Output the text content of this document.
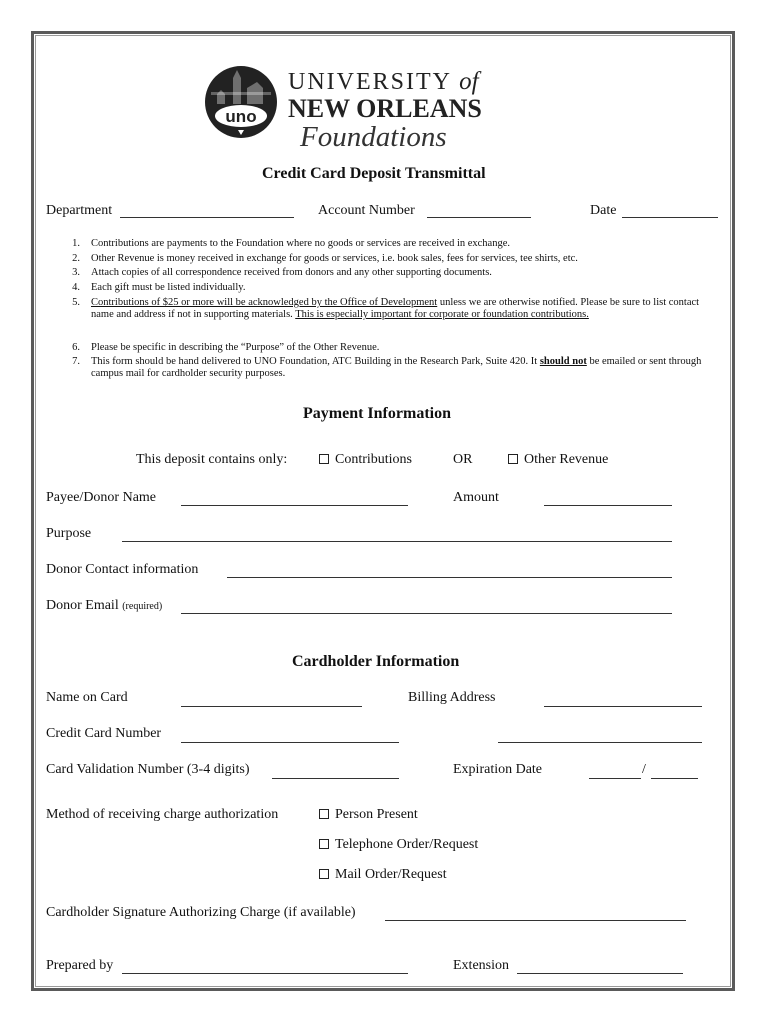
uno
UNIVERSITY of
NEW ORLEANS
Foundations
Credit Card Deposit Transmittal
Department	Account Number	Date
1. Contributions are payments to the Foundation where no goods or services are received in exchange.
2. Other Revenue is money received in exchange for goods or services, i.e. book sales, fees for services, tee shirts, etc.
3. Attach copies of all correspondence received from donors and any other supporting documents.
4. Each gift must be listed individually.
5. Contributions of $25 or more will be acknowledged by the Office of Development unless we are otherwise notified. Please be sure to list contact name and address if not in supporting materials. This is especially important for corporate or foundation contributions.
6. Please be specific in describing the “Purpose” of the Other Revenue.
7. This form should be hand delivered to UNO Foundation, ATC Building in the Research Park, Suite 420. It should not be emailed or sent through campus mail for cardholder security purposes.
Payment Information
This deposit contains only:	Contributions	OR	Other Revenue
Payee/Donor Name	Amount
Purpose
Donor Contact information
Donor Email (required)
Cardholder Information
Name on Card	Billing Address
Credit Card Number
Card Validation Number (3-4 digits)	Expiration Date	/
Method of receiving charge authorization	Person Present
Telephone Order/Request
Mail Order/Request
Cardholder Signature Authorizing Charge (if available)
Prepared by	Extension
